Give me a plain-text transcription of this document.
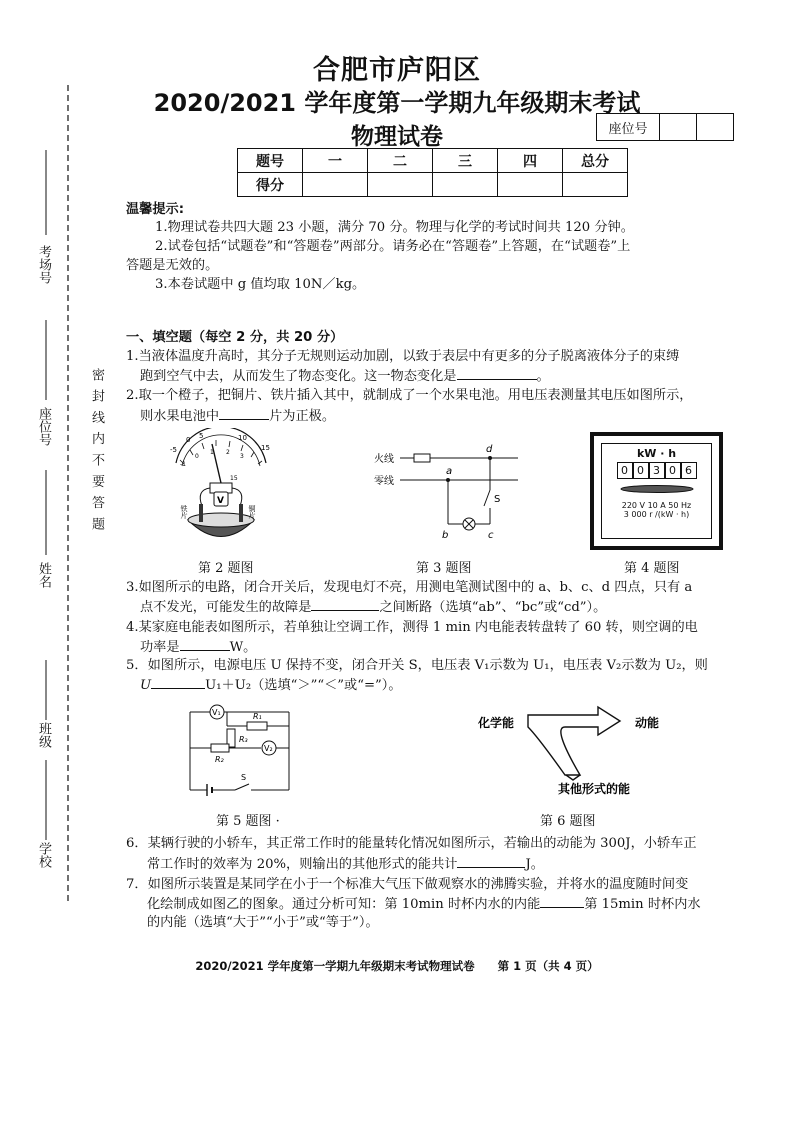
考场号
座位号
姓名
班级
学校
密  封  线  内  不  要  答  题
合肥市庐阳区
2020/2021 学年度第一学期九年级期末考试
物理试卷	座位号		
题号	一	二	三	四	总分
得分					
温馨提示:
1.物理试卷共四大题 23 小题，满分 70 分。物理与化学的考试时间共 120 分钟。
2.试卷包括“试题卷”和“答题卷”两部分。请务必在“答题卷”上答题，在“试题卷”上
答题是无效的。
3.本卷试题中 g 值均取 10N／kg。
一、填空题（每空 2 分，共 20 分）
1.当液体温度升高时，其分子无规则运动加剧，以致于表层中有更多的分子脱离液体分子的束缚
跑到空气中去，从而发生了物态变化。这一物态变化是	。
2.取一个橙子，把铜片、铁片插入其中，就制成了一个水果电池。用电压表测量其电压如图所示，
则水果电池中	片为正极。
-5
5
0	10
15
-1
0
1 2
3
15
V
铁片	铜片
火线
零线
a
d
b	c
S
kW · h
0 0 3 0 6
220 V 10 A 50 Hz
3 000 r /(kW · h)
第 2 题图	第 3 题图	第 4 题图
3.如图所示的电路，闭合开关后，发现电灯不亮，用测电笔测试图中的 a、b、c、d 四点，只有 a
点不发光，可能发生的故障是	之间断路（选填“ab”、“bc”或“cd”）。
4.某家庭电能表如图所示，若单独让空调工作，测得 1 min 内电能表转盘转了 60 转，则空调的电
功率是	W。
5．如图所示，电源电压 U 保持不变，闭合开关 S，电压表 V₁示数为 U₁，电压表 V₂示数为 U₂，则
U	U₁＋U₂（选填“＞”“＜”或“=”）。
V₁	R₁
R₃
R₂
V₂
S
化学能	动能
其他形式的能
第 5 题图 ·	第 6 题图
6．某辆行驶的小轿车，其正常工作时的能量转化情况如图所示，若输出的动能为 300J，小轿车正
常工作时的效率为 20%，则输出的其他形式的能共计	J。
7．如图所示装置是某同学在小于一个标准大气压下做观察水的沸腾实验，并将水的温度随时间变
化绘制成如图乙的图象。通过分析可知：第 10min 时杯内水的内能	第 15min 时杯内水
的内能（选填“大于”“小于”或“等于”）。
2020/2021 学年度第一学期九年级期末考试物理试卷　　第 1 页（共 4 页）
